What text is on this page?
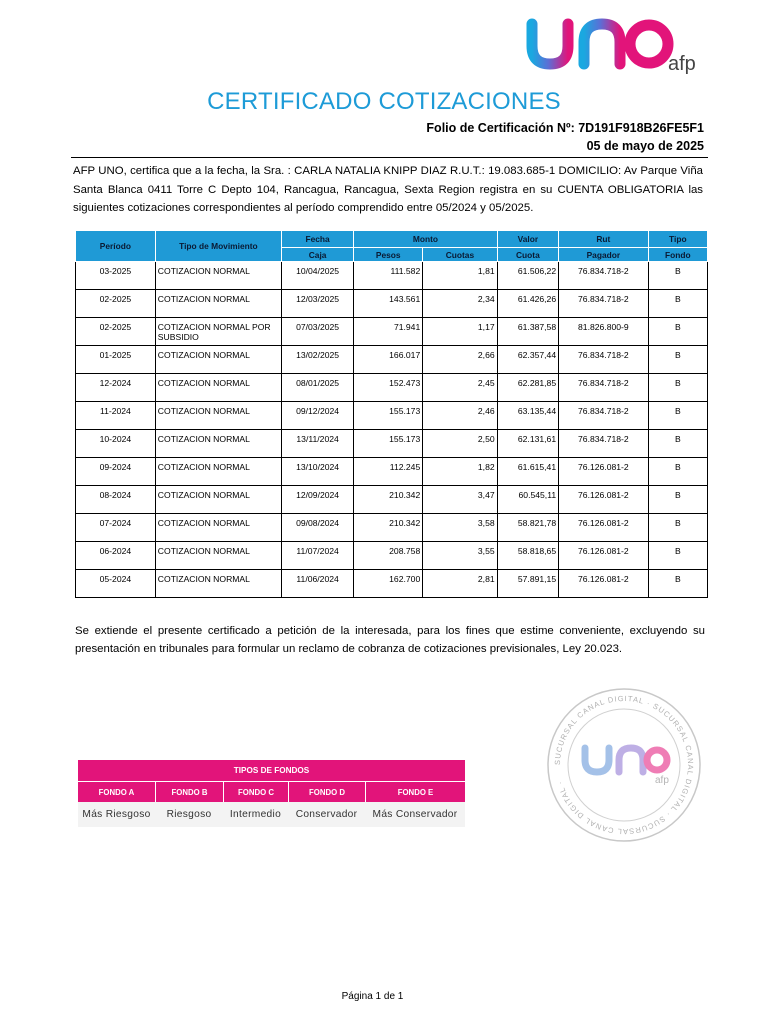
afp
CERTIFICADO COTIZACIONES
Folio de Certificación Nº: 7D191F918B26FE5F1
05 de mayo de 2025

AFP UNO, certifica que a la fecha, la Sra. : CARLA NATALIA KNIPP DIAZ R.U.T.: 19.083.685-1 DOMICILIO: Av Parque Viña Santa Blanca 0411 Torre C Depto 104, Rancagua, Rancagua, Sexta Region registra en su CUENTA OBLIGATORIA las siguientes cotizaciones correspondientes al período comprendido entre 05/2024 y 05/2025.

Período	Tipo de Movimiento	Fecha	Monto		Valor	Rut	Tipo
		Caja	Pesos	Cuotas	Cuota	Pagador	Fondo
03-2025	COTIZACION NORMAL	10/04/2025	111.582	1,81	61.506,22	76.834.718-2	B
02-2025	COTIZACION NORMAL	12/03/2025	143.561	2,34	61.426,26	76.834.718-2	B
02-2025	COTIZACION NORMAL POR SUBSIDIO	07/03/2025	71.941	1,17	61.387,58	81.826.800-9	B
01-2025	COTIZACION NORMAL	13/02/2025	166.017	2,66	62.357,44	76.834.718-2	B
12-2024	COTIZACION NORMAL	08/01/2025	152.473	2,45	62.281,85	76.834.718-2	B
11-2024	COTIZACION NORMAL	09/12/2024	155.173	2,46	63.135,44	76.834.718-2	B
10-2024	COTIZACION NORMAL	13/11/2024	155.173	2,50	62.131,61	76.834.718-2	B
09-2024	COTIZACION NORMAL	13/10/2024	112.245	1,82	61.615,41	76.126.081-2	B
08-2024	COTIZACION NORMAL	12/09/2024	210.342	3,47	60.545,11	76.126.081-2	B
07-2024	COTIZACION NORMAL	09/08/2024	210.342	3,58	58.821,78	76.126.081-2	B
06-2024	COTIZACION NORMAL	11/07/2024	208.758	3,55	58.818,65	76.126.081-2	B
05-2024	COTIZACION NORMAL	11/06/2024	162.700	2,81	57.891,15	76.126.081-2	B

Se extiende el presente certificado a petición de la interesada, para los fines que estime conveniente, excluyendo su presentación en tribunales para formular un reclamo de cobranza de cotizaciones previsionales, Ley 20.023.

SUCURSAL CANAL DIGITAL · SUCURSAL CANAL DIGITAL · SUCURSAL CANAL DIGITAL ·	afp
TIPOS DE FONDOS
FONDO A	FONDO B	FONDO C	FONDO D	FONDO E
Más Riesgoso	Riesgoso	Intermedio	Conservador	Más Conservador
Página 1 de 1
